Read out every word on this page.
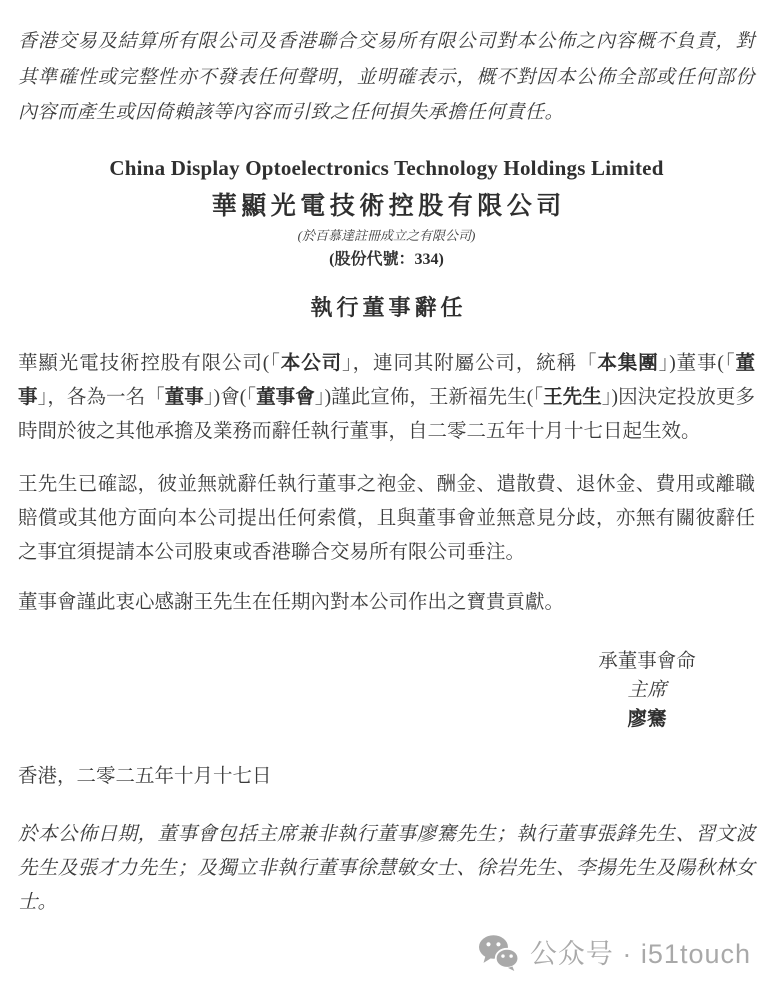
香港交易及結算所有限公司及香港聯合交易所有限公司對本公佈之內容概不負責，對其準確性或完整性亦不發表任何聲明，並明確表示，概不對因本公佈全部或任何部份內容而產生或因倚賴該等內容而引致之任何損失承擔任何責任。

China Display Optoelectronics Technology Holdings Limited
華顯光電技術控股有限公司
(於百慕達註冊成立之有限公司)
(股份代號：334)
執行董事辭任

華顯光電技術控股有限公司(「本公司」，連同其附屬公司，統稱「本集團」)董事(「董事」，各為一名「董事」)會(「董事會」)謹此宣佈，王新福先生(「王先生」)因決定投放更多時間於彼之其他承擔及業務而辭任執行董事，自二零二五年十月十七日起生效。

王先生已確認，彼並無就辭任執行董事之袍金、酬金、遣散費、退休金、費用或離職賠償或其他方面向本公司提出任何索償，且與董事會並無意見分歧，亦無有關彼辭任之事宜須提請本公司股東或香港聯合交易所有限公司垂注。

董事會謹此衷心感謝王先生在任期內對本公司作出之寶貴貢獻。

承董事會命
主席
廖騫

香港，二零二五年十月十七日

於本公佈日期，董事會包括主席兼非執行董事廖騫先生；執行董事張鋒先生、習文波先生及張才力先生；及獨立非執行董事徐慧敏女士、徐岩先生、李揚先生及陽秋林女士。

公众号 · i51touch
